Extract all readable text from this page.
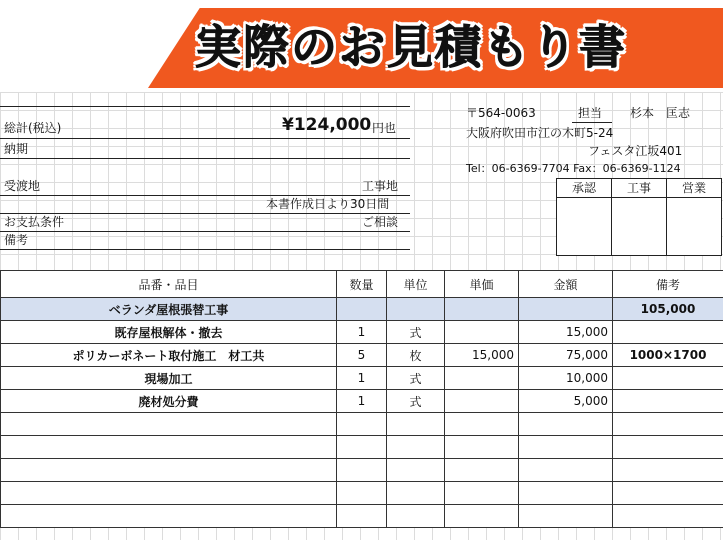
実際のお見積もり書
総計(税込)	¥124,000 円也
納期
受渡地	工事地
本書作成日より30日間
お支払条件	ご相談
備考
〒564-0063	担当 杉本　匡志
大阪府吹田市江の木町5-24
フェスタ江坂401
Tel：06-6369-7704 Fax：06-6369-1124
承認	工事	営業
品番・品目	数量	単位	単価	金額	備考
ベランダ屋根張替工事					105,000
既存屋根解体・撤去	1	式		15,000	
ポリカーボネート取付施工　材工共	5	枚	15,000	75,000	1000×1700
現場加工	1	式		10,000	
廃材処分費	1	式		5,000	
